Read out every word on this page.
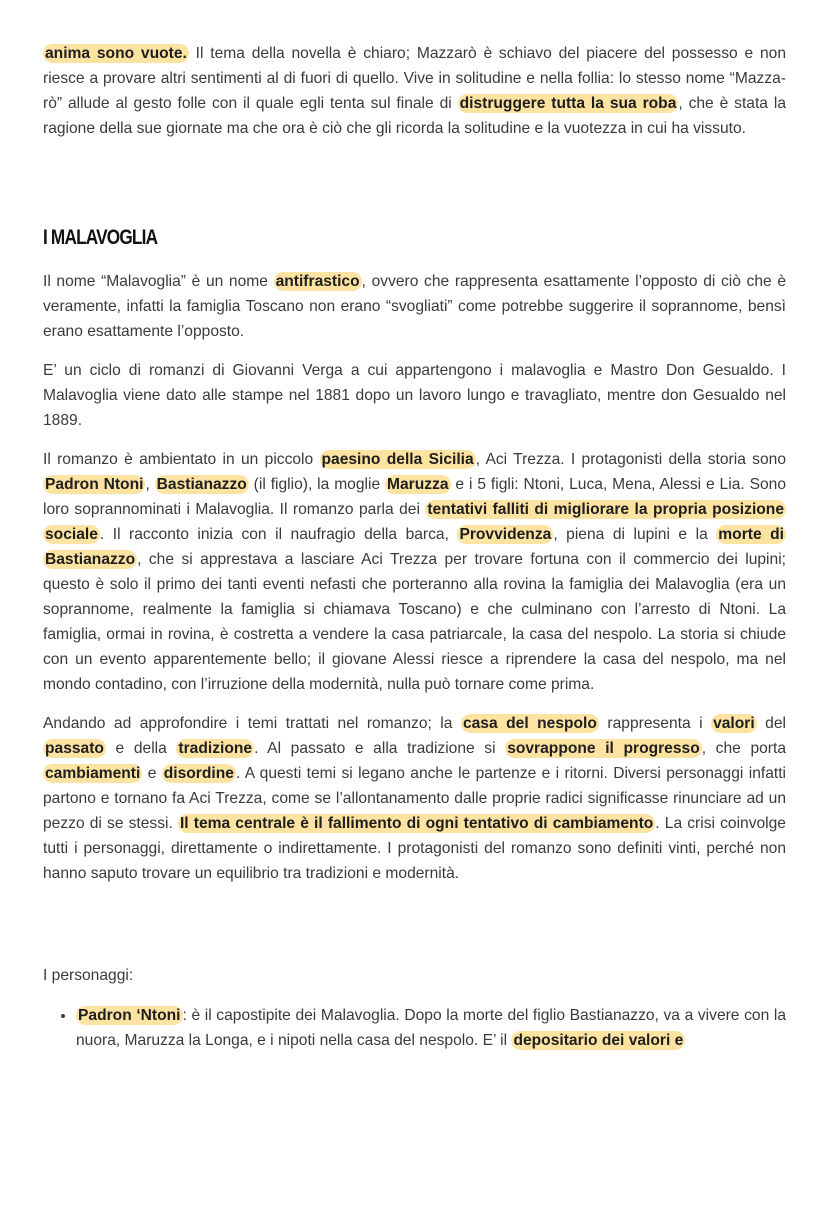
anima sono vuote. Il tema della novella è chiaro; Mazzarò è schiavo del piacere del possesso e non riesce a provare altri sentimenti al di fuori di quello. Vive in solitudine e nella follia: lo stesso nome “Mazza-rò” allude al gesto folle con il quale egli tenta sul finale di distruggere tutta la sua roba , che è stata la ragione della sue giornate ma che ora è ciò che gli ricorda la solitudine e la vuotezza in cui ha vissuto.

I MALAVOGLIA

Il nome “Malavoglia” è un nome antifrastico , ovvero che rappresenta esattamente l’opposto di ciò che è veramente, infatti la famiglia Toscano non erano “svogliati” come potrebbe suggerire il soprannome, bensì erano esattamente l’opposto.

E’ un ciclo di romanzi di Giovanni Verga a cui appartengono i malavoglia e Mastro Don Gesualdo. I Malavoglia viene dato alle stampe nel 1881 dopo un lavoro lungo e travagliato, mentre don Gesualdo nel 1889.

Il romanzo è ambientato in un piccolo paesino della Sicilia , Aci Trezza. I protagonisti della storia sono Padron Ntoni , Bastianazzo (il figlio), la moglie Maruzza e i 5 figli: Ntoni, Luca, Mena, Alessi e Lia. Sono loro soprannominati i Malavoglia. Il romanzo parla dei tentativi falliti di migliorare la propria posizione sociale . Il racconto inizia con il naufragio della barca, Provvidenza , piena di lupini e la morte di Bastianazzo , che si apprestava a lasciare Aci Trezza per trovare fortuna con il commercio dei lupini; questo è solo il primo dei tanti eventi nefasti che porteranno alla rovina la famiglia dei Malavoglia (era un soprannome, realmente la famiglia si chiamava Toscano) e che culminano con l’arresto di Ntoni. La famiglia, ormai in rovina, è costretta a vendere la casa patriarcale, la casa del nespolo. La storia si chiude con un evento apparentemente bello; il giovane Alessi riesce a riprendere la casa del nespolo, ma nel mondo contadino, con l’irruzione della modernità, nulla può tornare come prima.

Andando ad approfondire i temi trattati nel romanzo; la casa del nespolo rappresenta i valori del passato e della tradizione . Al passato e alla tradizione si sovrappone il progresso , che porta cambiamenti e disordine . A questi temi si legano anche le partenze e i ritorni. Diversi personaggi infatti partono e tornano fa Aci Trezza, come se l’allontanamento dalle proprie radici significasse rinunciare ad un pezzo di se stessi. Il tema centrale è il fallimento di ogni tentativo di cambiamento . La crisi coinvolge tutti i personaggi, direttamente o indirettamente. I protagonisti del romanzo sono definiti vinti, perché non hanno saputo trovare un equilibrio tra tradizioni e modernità.

I personaggi:

• Padron ‘Ntoni : è il capostipite dei Malavoglia. Dopo la morte del figlio Bastianazzo, va a vivere con la nuora, Maruzza la Longa, e i nipoti nella casa del nespolo. E’ il depositario dei valori e
